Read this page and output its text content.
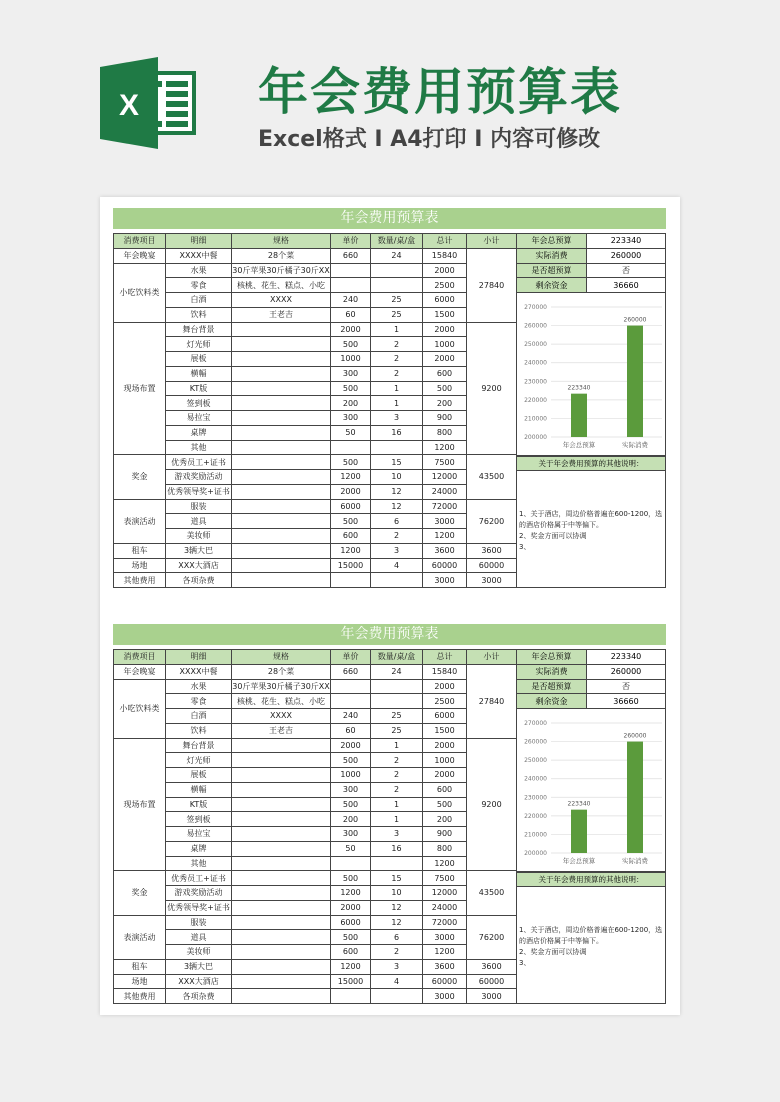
X 年会费用预算表
Excel格式 I A4打印 I 内容可修改
年会费用预算表
消费项目	明细	规格	单价	数量/桌/盒	总计	小计
年会晚宴	XXXX中餐	28个菜	660	24	15840	27840
小吃饮料类	水果	30斤苹果30斤橘子30斤XX			2000	
	零食	核桃、花生、糕点、小吃			2500	
	白酒	XXXX	240	25	6000	
	饮料	王老吉	60	25	1500	
现场布置	舞台背景		2000	1	2000	9200
	灯光师		500	2	1000	
	展板		1000	2	2000	
	横幅		300	2	600	
	KT版		500	1	500	
	签到板		200	1	200	
	易拉宝		300	3	900	
	桌牌		50	16	800	
	其他				1200	
奖金	优秀员工+证书		500	15	7500	43500
	游戏奖励活动		1200	10	12000	
	优秀领导奖+证书		2000	12	24000	
表演活动	服装		6000	12	72000	76200
	道具		500	6	3000	
	美妆师		600	2	1200	
租车	3辆大巴		1200	3	3600	3600
场地	XXX大酒店		15000	4	60000	60000
其他费用	各项杂费				3000	3000
年会总预算	223340
实际消费	260000
是否超预算	否
剩余资金	36660
200000
210000
220000
230000
240000
250000
260000
270000
223340
年会总预算
260000
实际消费
关于年会费用预算的其他说明：
1、关于酒店，周边价格普遍在600-1200，选的酒店价格属于中等偏下。
2、奖金方面可以协调
3、
年会费用预算表
消费项目	明细	规格	单价	数量/桌/盒	总计	小计
年会晚宴	XXXX中餐	28个菜	660	24	15840	27840
小吃饮料类	水果	30斤苹果30斤橘子30斤XX			2000	
	零食	核桃、花生、糕点、小吃			2500	
	白酒	XXXX	240	25	6000	
	饮料	王老吉	60	25	1500	
现场布置	舞台背景		2000	1	2000	9200
	灯光师		500	2	1000	
	展板		1000	2	2000	
	横幅		300	2	600	
	KT版		500	1	500	
	签到板		200	1	200	
	易拉宝		300	3	900	
	桌牌		50	16	800	
	其他				1200	
奖金	优秀员工+证书		500	15	7500	43500
	游戏奖励活动		1200	10	12000	
	优秀领导奖+证书		2000	12	24000	
表演活动	服装		6000	12	72000	76200
	道具		500	6	3000	
	美妆师		600	2	1200	
租车	3辆大巴		1200	3	3600	3600
场地	XXX大酒店		15000	4	60000	60000
其他费用	各项杂费				3000	3000
年会总预算	223340
实际消费	260000
是否超预算	否
剩余资金	36660
200000
210000
220000
230000
240000
250000
260000
270000
223340
年会总预算
260000
实际消费
关于年会费用预算的其他说明：
1、关于酒店，周边价格普遍在600-1200，选的酒店价格属于中等偏下。
2、奖金方面可以协调
3、
